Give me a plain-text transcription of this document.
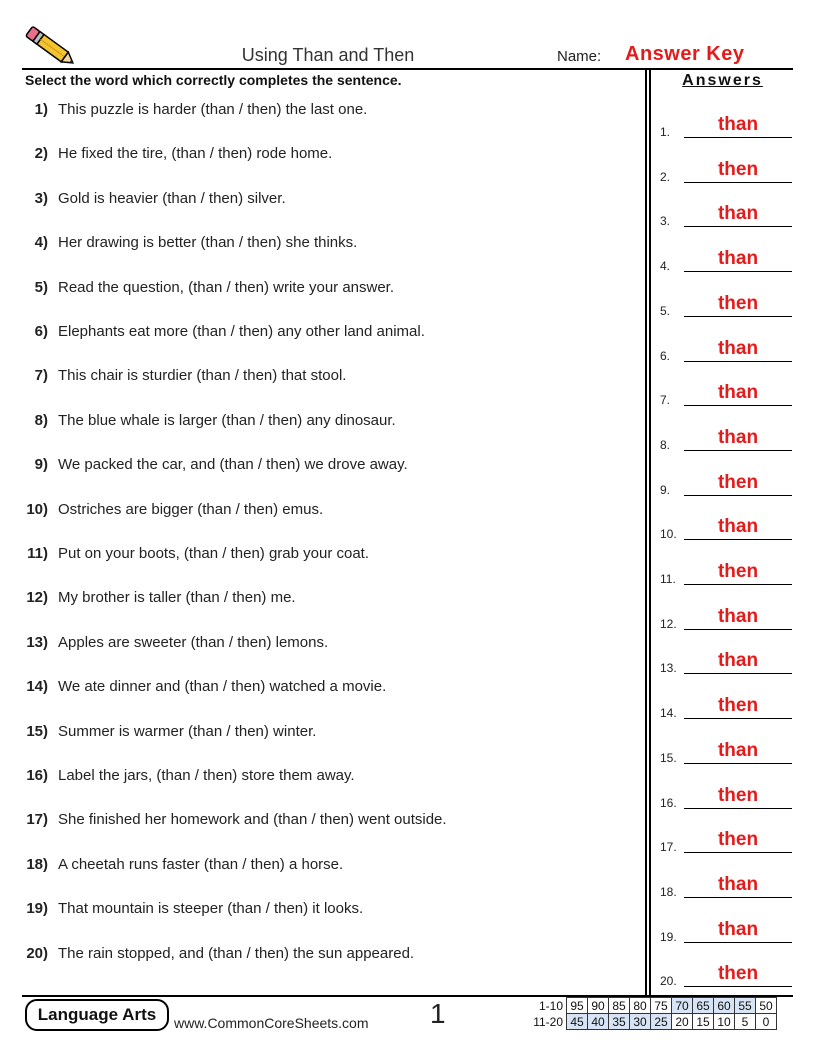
Using Than and Then	Name: Answer Key
Select the word which correctly completes the sentence.	Answers
1) This puzzle is harder (than / then) the last one.
2) He fixed the tire, (than / then) rode home.
3) Gold is heavier (than / then) silver.
4) Her drawing is better (than / then) she thinks.
5) Read the question, (than / then) write your answer.
6) Elephants eat more (than / then) any other land animal.
7) This chair is sturdier (than / then) that stool.
8) The blue whale is larger (than / then) any dinosaur.
9) We packed the car, and (than / then) we drove away.
10) Ostriches are bigger (than / then) emus.
11) Put on your boots, (than / then) grab your coat.
12) My brother is taller (than / then) me.
13) Apples are sweeter (than / then) lemons.
14) We ate dinner and (than / then) watched a movie.
15) Summer is warmer (than / then) winter.
16) Label the jars, (than / then) store them away.
17) She finished her homework and (than / then) went outside.
18) A cheetah runs faster (than / then) a horse.
19) That mountain is steeper (than / then) it looks.
20) The rain stopped, and (than / then) the sun appeared.
1.	than
2.	then
3.	than
4.	than
5.	then
6.	than
7.	than
8.	than
9.	then
10.	than
11.	then
12.	than
13.	than
14.	then
15.	than
16.	then
17.	then
18.	than
19.	than
20.	then
Language Arts	www.CommonCoreSheets.com 1	1-10	95	90	85	80	75	70	65	60	55	50
11-20	45	40	35	30	25	20	15	10	5	0
